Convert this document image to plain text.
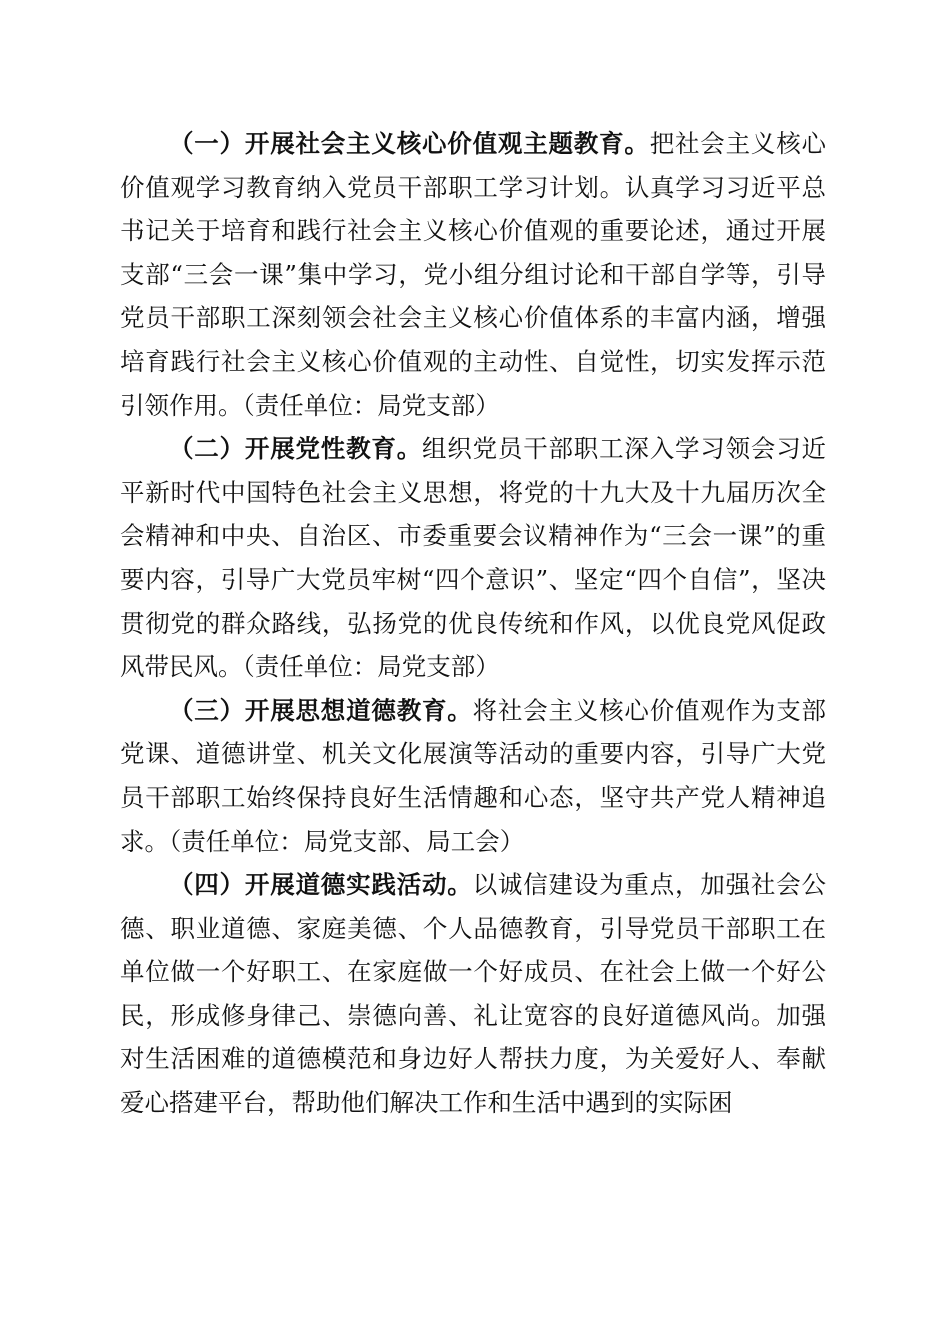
（一）开展社会主义核心价值观主题教育。把社会主义核心价值观学习教育纳入党员干部职工学习计划。认真学习习近平总书记关于培育和践行社会主义核心价值观的重要论述，通过开展支部“三会一课”集中学习，党小组分组讨论和干部自学等，引导党员干部职工深刻领会社会主义核心价值体系的丰富内涵，增强培育践行社会主义核心价值观的主动性、自觉性，切实发挥示范引领作用。（责任单位：局党支部）

（二）开展党性教育。组织党员干部职工深入学习领会习近平新时代中国特色社会主义思想，将党的十九大及十九届历次全会精神和中央、自治区、市委重要会议精神作为“三会一课”的重要内容，引导广大党员牢树“四个意识”、坚定“四个自信”，坚决贯彻党的群众路线，弘扬党的优良传统和作风，以优良党风促政风带民风。（责任单位：局党支部）

（三）开展思想道德教育。将社会主义核心价值观作为支部党课、道德讲堂、机关文化展演等活动的重要内容，引导广大党员干部职工始终保持良好生活情趣和心态，坚守共产党人精神追求。（责任单位：局党支部、局工会）

（四）开展道德实践活动。以诚信建设为重点，加强社会公德、职业道德、家庭美德、个人品德教育，引导党员干部职工在单位做一个好职工、在家庭做一个好成员、在社会上做一个好公民，形成修身律己、崇德向善、礼让宽容的良好道德风尚。加强对生活困难的道德模范和身边好人帮扶力度，为关爱好人、奉献爱心搭建平台，帮助他们解决工作和生活中遇到的实际困
